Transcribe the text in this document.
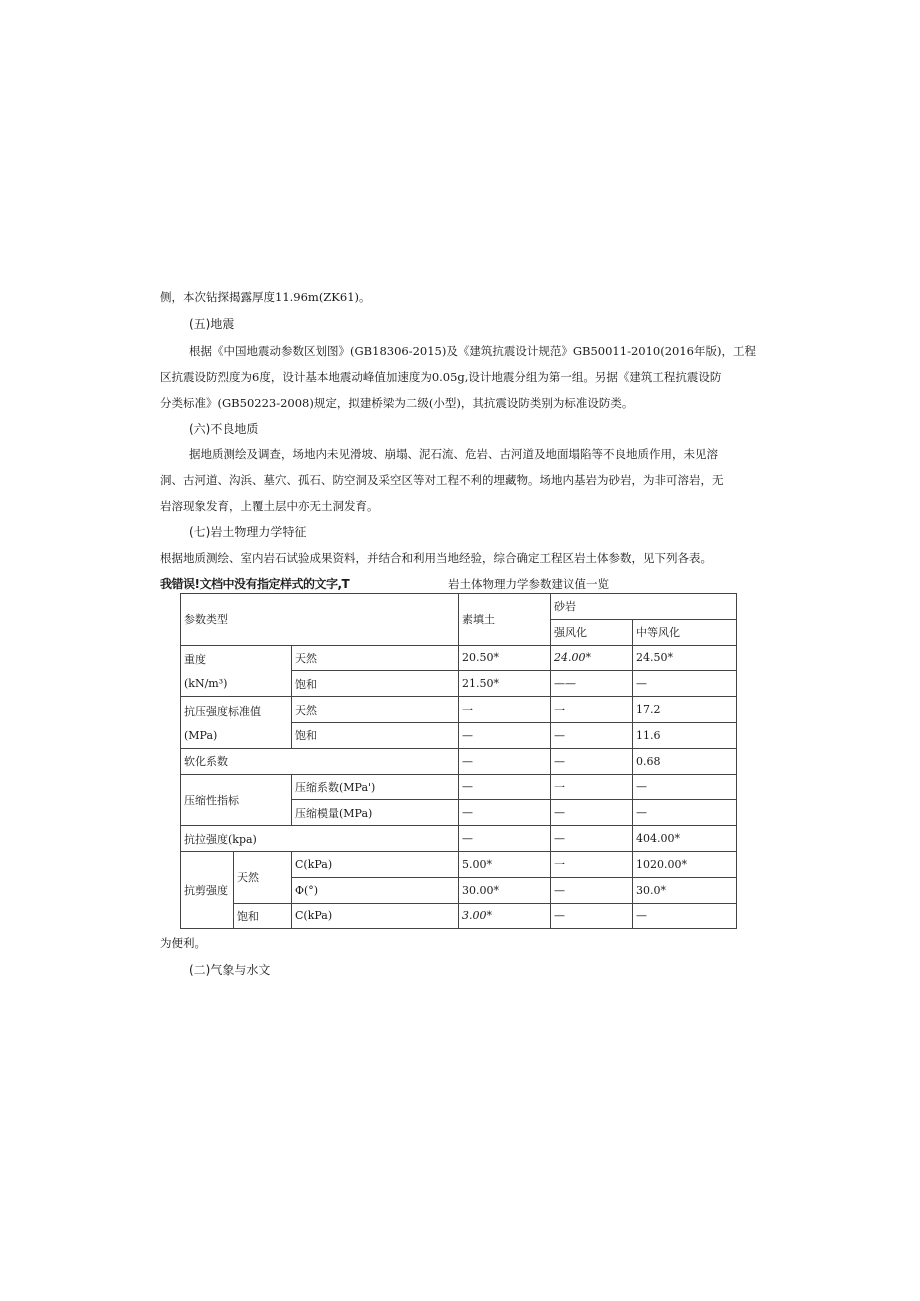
侧，本次钻探揭露厚度11.96m(ZK61)。
(五)地震
根据《中国地震动参数区划图》(GB18306-2015)及《建筑抗震设计规范》GB50011-2010(2016年版)，工程
区抗震设防烈度为6度，设计基本地震动峰值加速度为0.05g,设计地震分组为第一组。另据《建筑工程抗震设防
分类标准》(GB50223-2008)规定，拟建桥梁为二级(小型)，其抗震设防类别为标准设防类。
(六)不良地质
据地质测绘及调查，场地内未见滑坡、崩塌、泥石流、危岩、古河道及地面塌陷等不良地质作用，未见溶
洞、古河道、沟浜、墓穴、孤石、防空洞及采空区等对工程不利的埋藏物。场地内基岩为砂岩，为非可溶岩，无
岩溶现象发育，上覆土层中亦无土洞发育。
(七)岩土物理力学特征
根据地质测绘、室内岩石试验成果资料，并结合和利用当地经验，综合确定工程区岩土体参数，见下列各表。
我错误!文档中没有指定样式的文字,T	岩土体物理力学参数建议值一览
参数类型			素填土	砂岩	
				强风化	中等风化

重度
(kN/m³)		天然	20.50*	24.00*	24.50*
		饱和	21.50*	——	—

抗压强度标准值
(MPa)		天然	一	一	17.2
		饱和	—	—	11.6
软化系数			—	—	0.68
压缩性指标		压缩系数(MPa')	—	一	—
		压缩模量(MPa)	—	—	—
抗拉强度(kpa)			—	—	404.00*
抗剪强度	天然	C(kPa)	5.00*	一	1020.00*
		Φ(°)	30.00*	—	30.0*
	饱和	C(kPa)	3.00*	—	—
为便利。
(二)气象与水文
